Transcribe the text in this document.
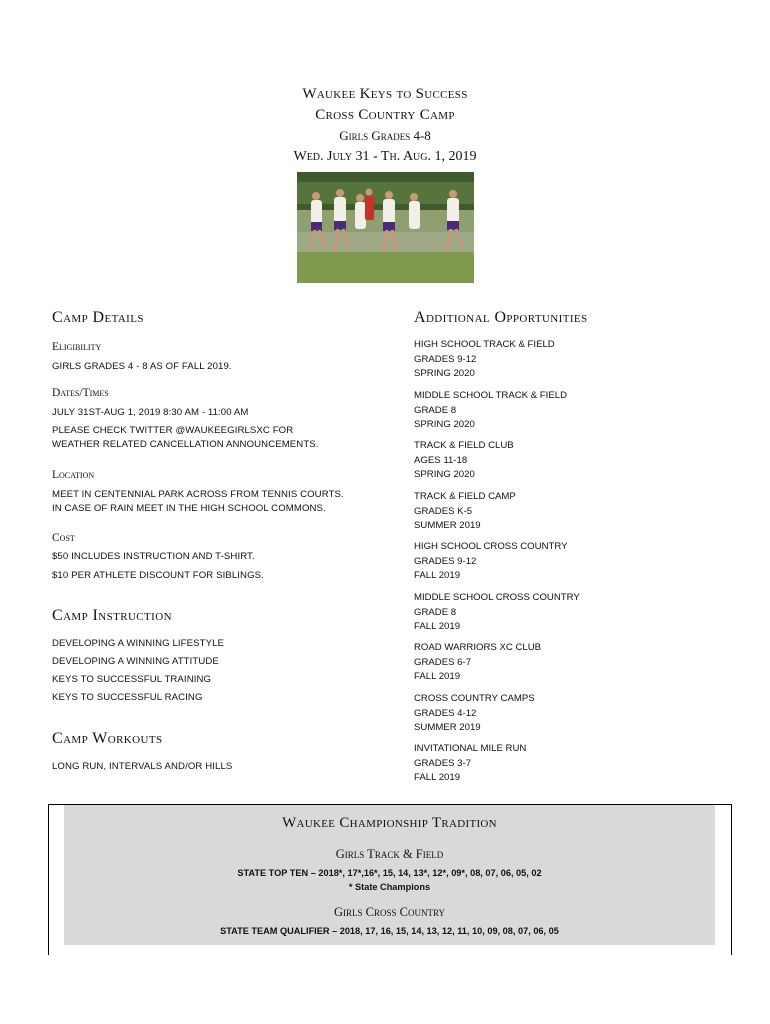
Waukee Keys to Success
Cross Country Camp
Girls Grades 4-8
Wed. July 31 - Th. Aug. 1, 2019
Camp Details
Eligibility
GIRLS GRADES 4 - 8 AS OF FALL 2019.
Dates/Times
JULY 31ST-AUG 1, 2019 8:30 AM - 11:00 AM
PLEASE CHECK TWITTER @WAUKEEGIRLSXC FOR
WEATHER RELATED CANCELLATION ANNOUNCEMENTS.
Location
MEET IN CENTENNIAL PARK ACROSS FROM TENNIS COURTS.
IN CASE OF RAIN MEET IN THE HIGH SCHOOL COMMONS.
Cost
$50 INCLUDES INSTRUCTION AND T-SHIRT.
$10 PER ATHLETE DISCOUNT FOR SIBLINGS.
Camp Instruction
DEVELOPING A WINNING LIFESTYLE
DEVELOPING A WINNING ATTITUDE
KEYS TO SUCCESSFUL TRAINING
KEYS TO SUCCESSFUL RACING
Camp Workouts
LONG RUN, INTERVALS AND/OR HILLS
Additional Opportunities
HIGH SCHOOL TRACK & FIELD
GRADES 9-12
SPRING 2020
MIDDLE SCHOOL TRACK & FIELD
GRADE 8
SPRING 2020
TRACK & FIELD CLUB
AGES 11-18
SPRING 2020
TRACK & FIELD CAMP
GRADES K-5
SUMMER 2019
HIGH SCHOOL CROSS COUNTRY
GRADES 9-12
FALL 2019
MIDDLE SCHOOL CROSS COUNTRY
GRADE 8
FALL 2019
ROAD WARRIORS XC CLUB
GRADES 6-7
FALL 2019
CROSS COUNTRY CAMPS
GRADES 4-12
SUMMER 2019
INVITATIONAL MILE RUN
GRADES 3-7
FALL 2019
Waukee Championship Tradition
Girls Track & Field
STATE TOP TEN – 2018*, 17*,16*, 15, 14, 13*, 12*, 09*, 08, 07, 06, 05, 02
* State Champions
Girls Cross Country
STATE TEAM QUALIFIER – 2018, 17, 16, 15, 14, 13, 12, 11, 10, 09, 08, 07, 06, 05
